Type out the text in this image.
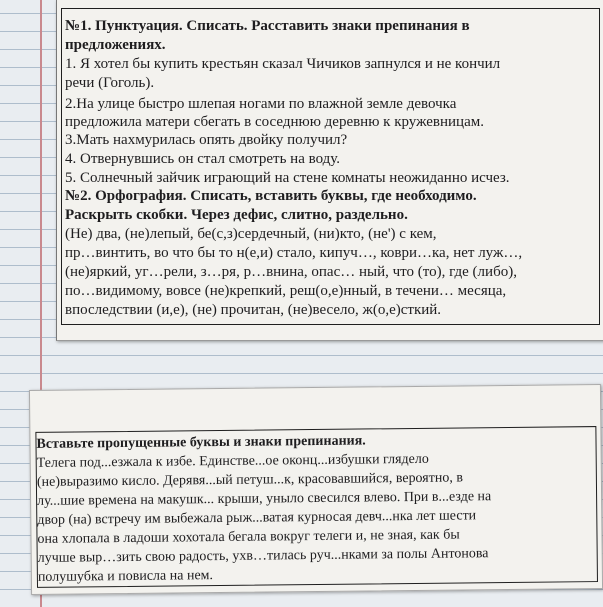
№1. Пунктуация. Списать. Расставить знаки препинания в
предложениях.
1. Я хотел бы купить крестьян сказал Чичиков запнулся и не кончил
речи (Гоголь).
2.На улице быстро шлепая ногами по влажной земле девочка
предложила матери сбегать в соседнюю деревню к кружевницам.
3.Мать нахмурилась опять двойку получил?
4. Отвернувшись он стал смотреть на воду.
5. Солнечный зайчик играющий на стене комнаты неожиданно исчез.
№2. Орфография. Списать, вставить буквы, где необходимо.
Раскрыть скобки. Через дефис, слитно, раздельно.
(Не) два, (не)лепый, бе(с,з)сердечный, (ни)кто, (не') с кем,
пр…винтить, во что бы то н(е,и) стало, кипуч…, коври…ка, нет луж…,
(не)яркий, уг…рели, з…ря, р…внина, опас… ный, что (то), где (либо),
по…видимому, вовсе (не)крепкий, реш(о,е)нный, в течени… месяца,
впоследствии (и,е), (не) прочитан, (не)весело, ж(о,е)сткий.
Вставьте пропущенные буквы и знаки препинания.
Телега под...езжала к избе. Единстве...ое оконц...избушки глядело
(не)выразимо кисло. Дерявя...ый петуш...к, красовавшийся, вероятно, в
лу...шие времена на макушк... крыши, уныло свесился влево. При в...езде на
двор (на) встречу им выбежала рыж...ватая курносая девч...нка лет шести
она хлопала в ладоши хохотала бегала вокруг телеги и, не зная, как бы
лучше выр…зить свою радость, ухв…тилась руч...нками за полы Антонова
полушубка и повисла на нем.
